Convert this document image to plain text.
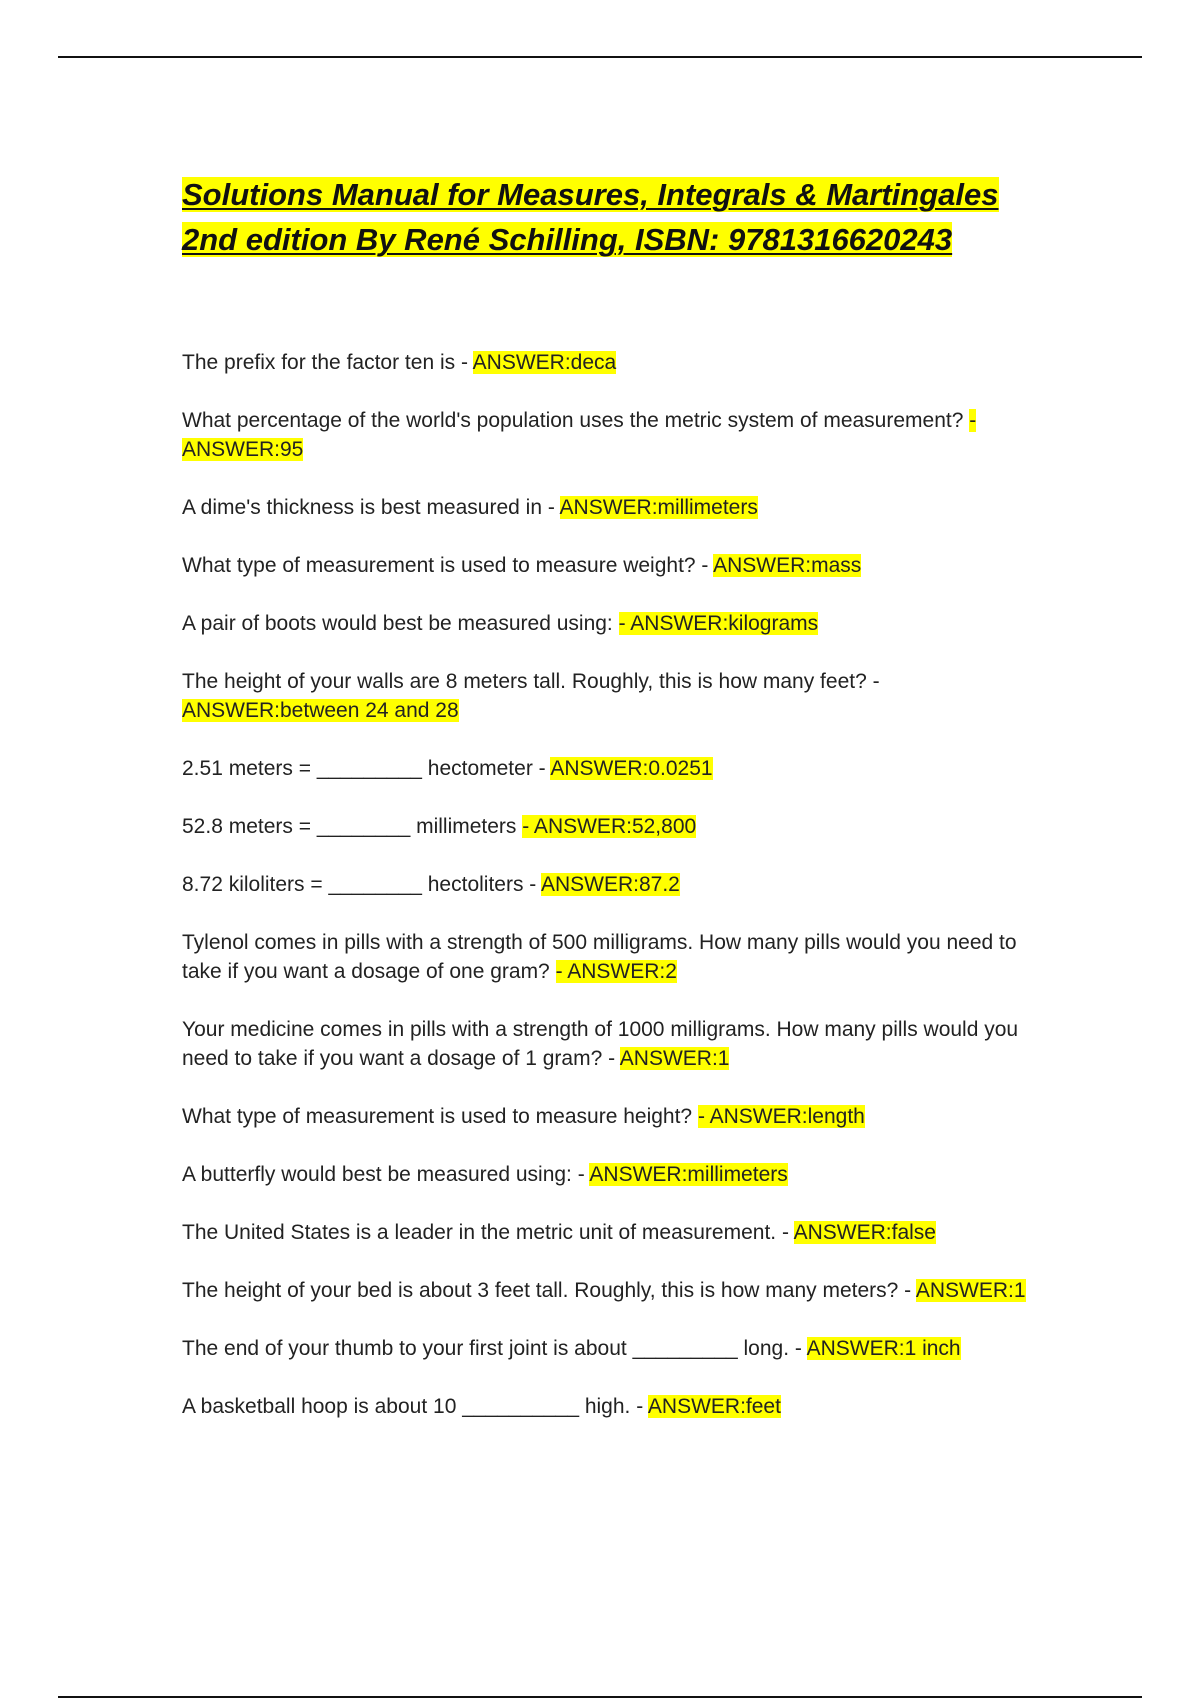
Solutions Manual for Measures, Integrals & Martingales 2nd edition By René Schilling, ISBN: 9781316620243

The prefix for the factor ten is - ANSWER:deca

What percentage of the world's population uses the metric system of measurement? - ANSWER:95

A dime's thickness is best measured in - ANSWER:millimeters

What type of measurement is used to measure weight? - ANSWER:mass

A pair of boots would best be measured using: - ANSWER:kilograms

The height of your walls are 8 meters tall. Roughly, this is how many feet? - ANSWER:between 24 and 28

2.51 meters = _________ hectometer - ANSWER:0.0251

52.8 meters = ________ millimeters - ANSWER:52,800

8.72 kiloliters = ________ hectoliters - ANSWER:87.2

Tylenol comes in pills with a strength of 500 milligrams. How many pills would you need to take if you want a dosage of one gram? - ANSWER:2

Your medicine comes in pills with a strength of 1000 milligrams. How many pills would you need to take if you want a dosage of 1 gram? - ANSWER:1

What type of measurement is used to measure height? - ANSWER:length

A butterfly would best be measured using: - ANSWER:millimeters

The United States is a leader in the metric unit of measurement. - ANSWER:false

The height of your bed is about 3 feet tall. Roughly, this is how many meters? - ANSWER:1

The end of your thumb to your first joint is about _________ long. - ANSWER:1 inch

A basketball hoop is about 10 __________ high. - ANSWER:feet
